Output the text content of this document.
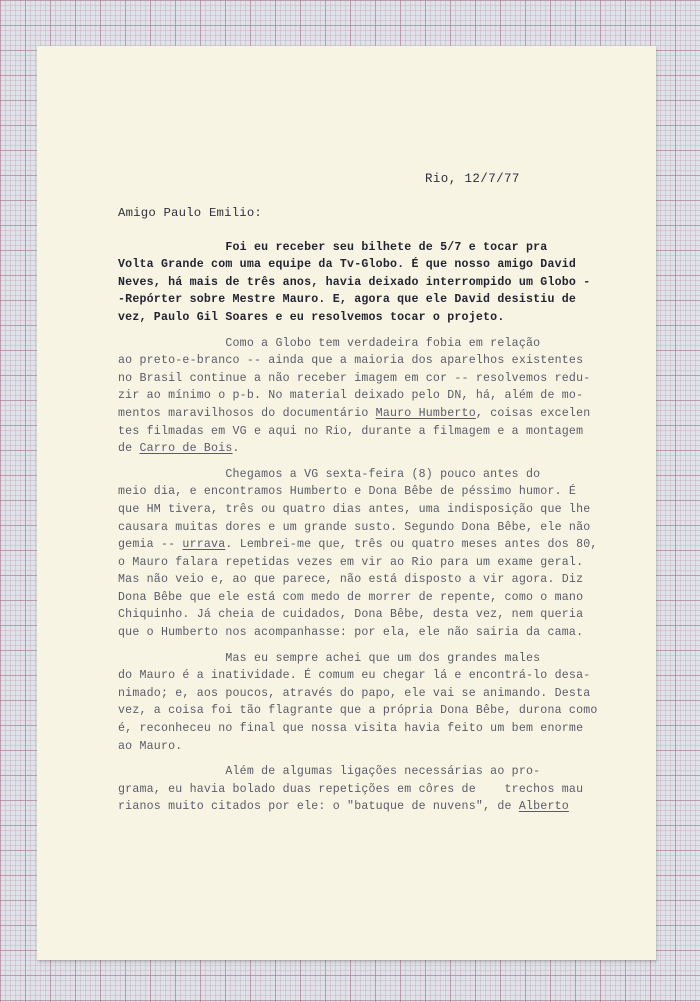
Rio, 12/7/77
Amigo Paulo Emilio:
Foi eu receber seu bilhete de 5/7 e tocar pra
Volta Grande com uma equipe da Tv-Globo. É que nosso amigo David
Neves, há mais de três anos, havia deixado interrompido um Globo -
-Repórter sobre Mestre Mauro. E, agora que ele David desistiu de
vez, Paulo Gil Soares e eu resolvemos tocar o projeto.
Como a Globo tem verdadeira fobia em relação
ao preto-e-branco -- ainda que a maioria dos aparelhos existentes
no Brasil continue a não receber imagem em cor -- resolvemos redu-
zir ao mínimo o p-b. No material deixado pelo DN, há, além de mo-
mentos maravilhosos do documentário Mauro Humberto, coisas excelen
tes filmadas em VG e aqui no Rio, durante a filmagem e a montagem
de Carro de Bois.
Chegamos a VG sexta-feira (8) pouco antes do
meio dia, e encontramos Humberto e Dona Bêbe de péssimo humor. É
que HM tivera, três ou quatro dias antes, uma indisposição que lhe
causara muitas dores e um grande susto. Segundo Dona Bêbe, ele não
gemia -- urrava. Lembrei-me que, três ou quatro meses antes dos 80,
o Mauro falara repetidas vezes em vir ao Rio para um exame geral.
Mas não veio e, ao que parece, não está disposto a vir agora. Diz
Dona Bêbe que ele está com medo de morrer de repente, como o mano
Chiquinho. Já cheia de cuidados, Dona Bêbe, desta vez, nem queria
que o Humberto nos acompanhasse: por ela, ele não sairia da cama.
Mas eu sempre achei que um dos grandes males
do Mauro é a inatividade. É comum eu chegar lá e encontrá-lo desa-
nimado; e, aos poucos, através do papo, ele vai se animando. Desta
vez, a coisa foi tão flagrante que a própria Dona Bêbe, durona como
é, reconheceu no final que nossa visita havia feito um bem enorme
ao Mauro.
Além de algumas ligações necessárias ao pro-
grama, eu havia bolado duas repetições em côres de    trechos mau
rianos muito citados por ele: o "batuque de nuvens", de Alberto
